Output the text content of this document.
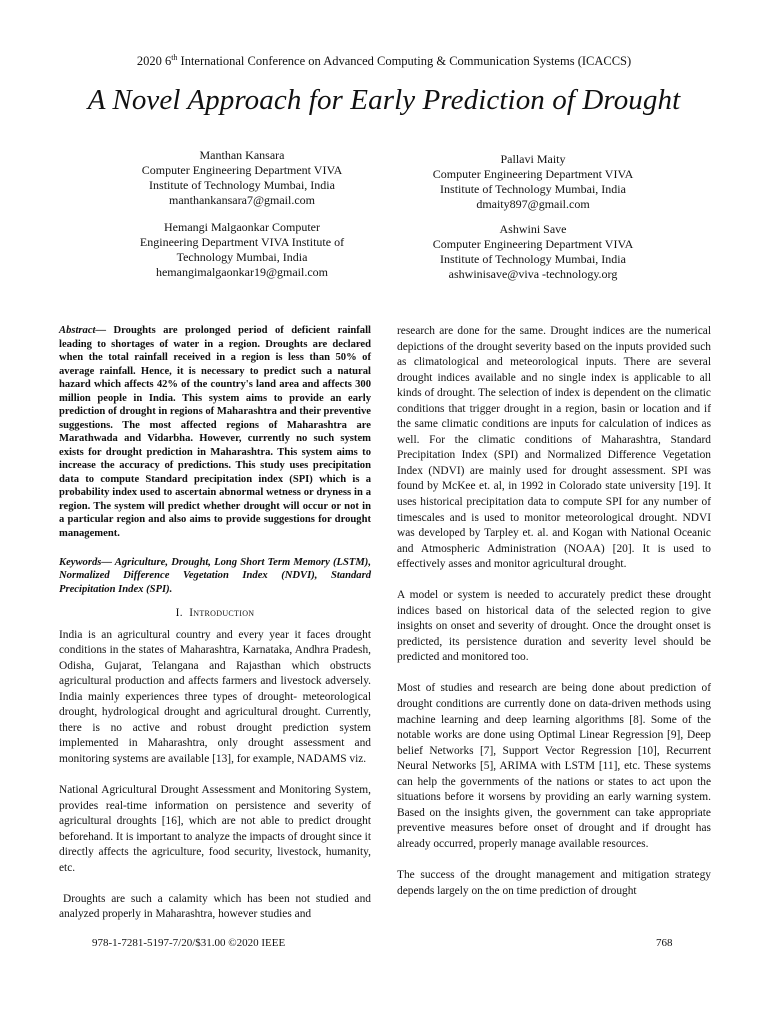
2020 6th International Conference on Advanced Computing & Communication Systems (ICACCS)
A Novel Approach for Early Prediction of Drought
Manthan Kansara
Computer Engineering Department VIVA
Institute of Technology Mumbai, India
manthankansara7@gmail.com
Pallavi Maity
Computer Engineering Department VIVA
Institute of Technology Mumbai, India
dmaity897@gmail.com
Hemangi Malgaonkar Computer
Engineering Department VIVA Institute of
Technology Mumbai, India
hemangimalgaonkar19@gmail.com
Ashwini Save
Computer Engineering Department VIVA
Institute of Technology Mumbai, India
ashwinisave@viva -technology.org

Abstract— Droughts are prolonged period of deficient rainfall leading to shortages of water in a region. Droughts are declared when the total rainfall received in a region is less than 50% of average rainfall. Hence, it is necessary to predict such a natural hazard which affects 42% of the country's land area and affects 300 million people in India. This system aims to provide an early prediction of drought in regions of Maharashtra and their preventive suggestions. The most affected regions of Maharashtra are Marathwada and Vidarbha. However, currently no such system exists for drought prediction in Maharashtra. This system aims to increase the accuracy of predictions. This study uses precipitation data to compute Standard precipitation index (SPI) which is a probability index used to ascertain abnormal wetness or dryness in a region. The system will predict whether drought will occur or not in a particular region and also aims to provide suggestions for drought management.

Keywords— Agriculture, Drought, Long Short Term Memory (LSTM), Normalized Difference Vegetation Index (NDVI), Standard Precipitation Index (SPI).

I. Introduction

India is an agricultural country and every year it faces drought conditions in the states of Maharashtra, Karnataka, Andhra Pradesh, Odisha, Gujarat, Telangana and Rajasthan which obstructs agricultural production and affects farmers and livestock adversely. India mainly experiences three types of drought- meteorological drought, hydrological drought and agricultural drought. Currently, there is no active and robust drought prediction system implemented in Maharashtra, only drought assessment and monitoring systems are available [13], for example, NADAMS viz.

National Agricultural Drought Assessment and Monitoring System, provides real-time information on persistence and severity of agricultural droughts [16], which are not able to predict drought beforehand. It is important to analyze the impacts of drought since it directly affects the agriculture, food security, livestock, humanity, etc.

Droughts are such a calamity which has been not studied and analyzed properly in Maharashtra, however studies and

research are done for the same. Drought indices are the numerical depictions of the drought severity based on the inputs provided such as climatological and meteorological inputs. There are several drought indices available and no single index is applicable to all kinds of drought. The selection of index is dependent on the climatic conditions that trigger drought in a region, basin or location and if the same climatic conditions are inputs for calculation of indices as well. For the climatic conditions of Maharashtra, Standard Precipitation Index (SPI) and Normalized Difference Vegetation Index (NDVI) are mainly used for drought assessment. SPI was found by McKee et. al, in 1992 in Colorado state university [19]. It uses historical precipitation data to compute SPI for any number of timescales and is used to monitor meteorological drought. NDVI was developed by Tarpley et. al. and Kogan with National Oceanic and Atmospheric Administration (NOAA) [20]. It is used to effectively asses and monitor agricultural drought.

A model or system is needed to accurately predict these drought indices based on historical data of the selected region to give insights on onset and severity of drought. Once the drought onset is predicted, its persistence duration and severity level should be predicted and monitored too.

Most of studies and research are being done about prediction of drought conditions are currently done on data-driven methods using machine learning and deep learning algorithms [8]. Some of the notable works are done using Optimal Linear Regression [9], Deep belief Networks [7], Support Vector Regression [10], Recurrent Neural Networks [5], ARIMA with LSTM [11], etc. These systems can help the governments of the nations or states to act upon the situations before it worsens by providing an early warning system. Based on the insights given, the government can take appropriate preventive measures before onset of drought and if drought has already occurred, properly manage available resources.

The success of the drought management and mitigation strategy depends largely on the on time prediction of drought

978-1-7281-5197-7/20/$31.00 ©2020 IEEE	768
